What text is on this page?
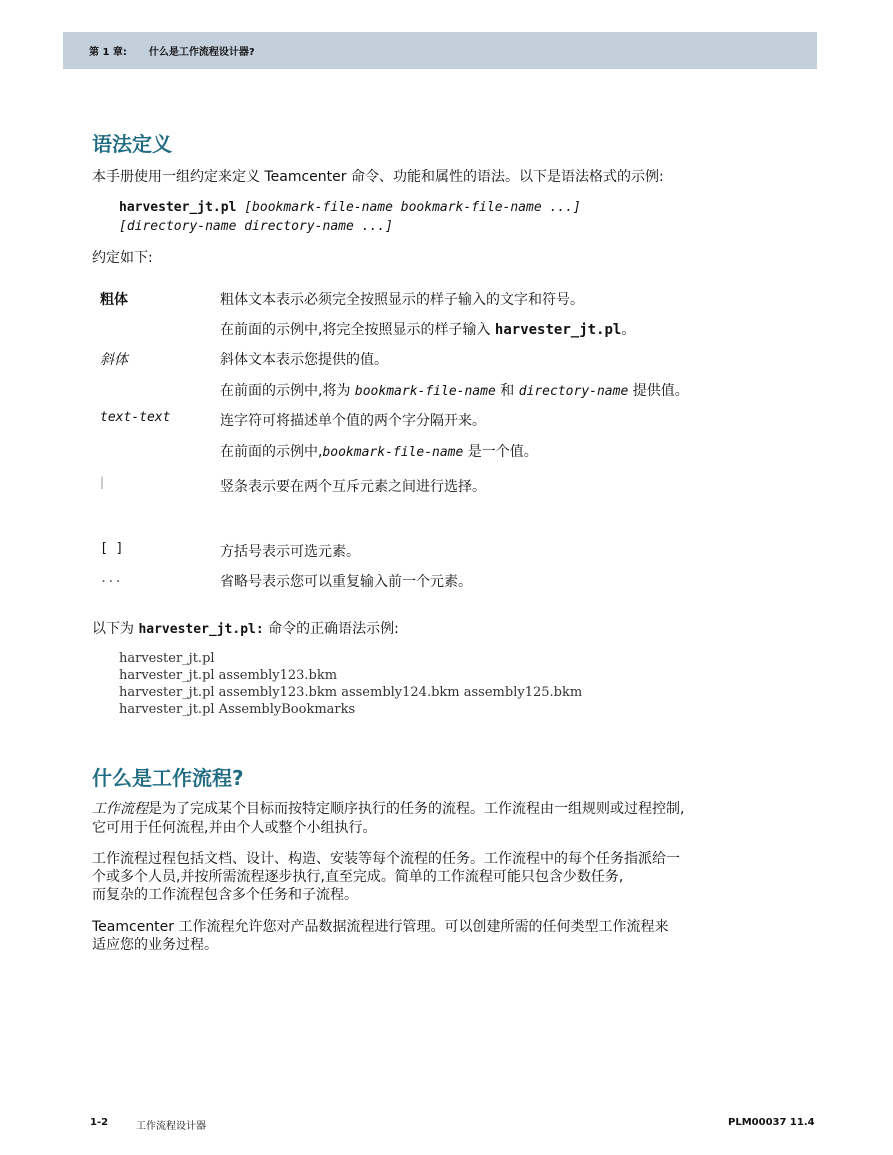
第 1 章: 什么是工作流程设计器?
语法定义

本手册使用一组约定来定义 Teamcenter 命令、功能和属性的语法。以下是语法格式的示例:

harvester_jt.pl [bookmark-file-name bookmark-file-name ...]

[directory-name directory-name ...]

约定如下:

粗体	粗体文本表示必须完全按照显示的样子输入的文字和符号。
在前面的示例中,将完全按照显示的样子输入 harvester_jt.pl。
斜体	斜体文本表示您提供的值。
在前面的示例中,将为 bookmark-file-name 和 directory-name 提供值。
text-text	连字符可将描述单个值的两个字分隔开来。
在前面的示例中,bookmark-file-name 是一个值。
|	竖条表示要在两个互斥元素之间进行选择。
[ ]	方括号表示可选元素。
...	省略号表示您可以重复输入前一个元素。

以下为 harvester_jt.pl: 命令的正确语法示例:

harvester_jt.pl
harvester_jt.pl assembly123.bkm
harvester_jt.pl assembly123.bkm assembly124.bkm assembly125.bkm
harvester_jt.pl AssemblyBookmarks
什么是工作流程?

工作流程是为了完成某个目标而按特定顺序执行的任务的流程。工作流程由一组规则或过程控制,

它可用于任何流程,并由个人或整个小组执行。

工作流程过程包括文档、设计、构造、安装等每个流程的任务。工作流程中的每个任务指派给一

个或多个人员,并按所需流程逐步执行,直至完成。简单的工作流程可能只包含少数任务,

而复杂的工作流程包含多个任务和子流程。

Teamcenter 工作流程允许您对产品数据流程进行管理。可以创建所需的任何类型工作流程来

适应您的业务过程。

1-2	工作流程设计器	PLM00037 11.4
